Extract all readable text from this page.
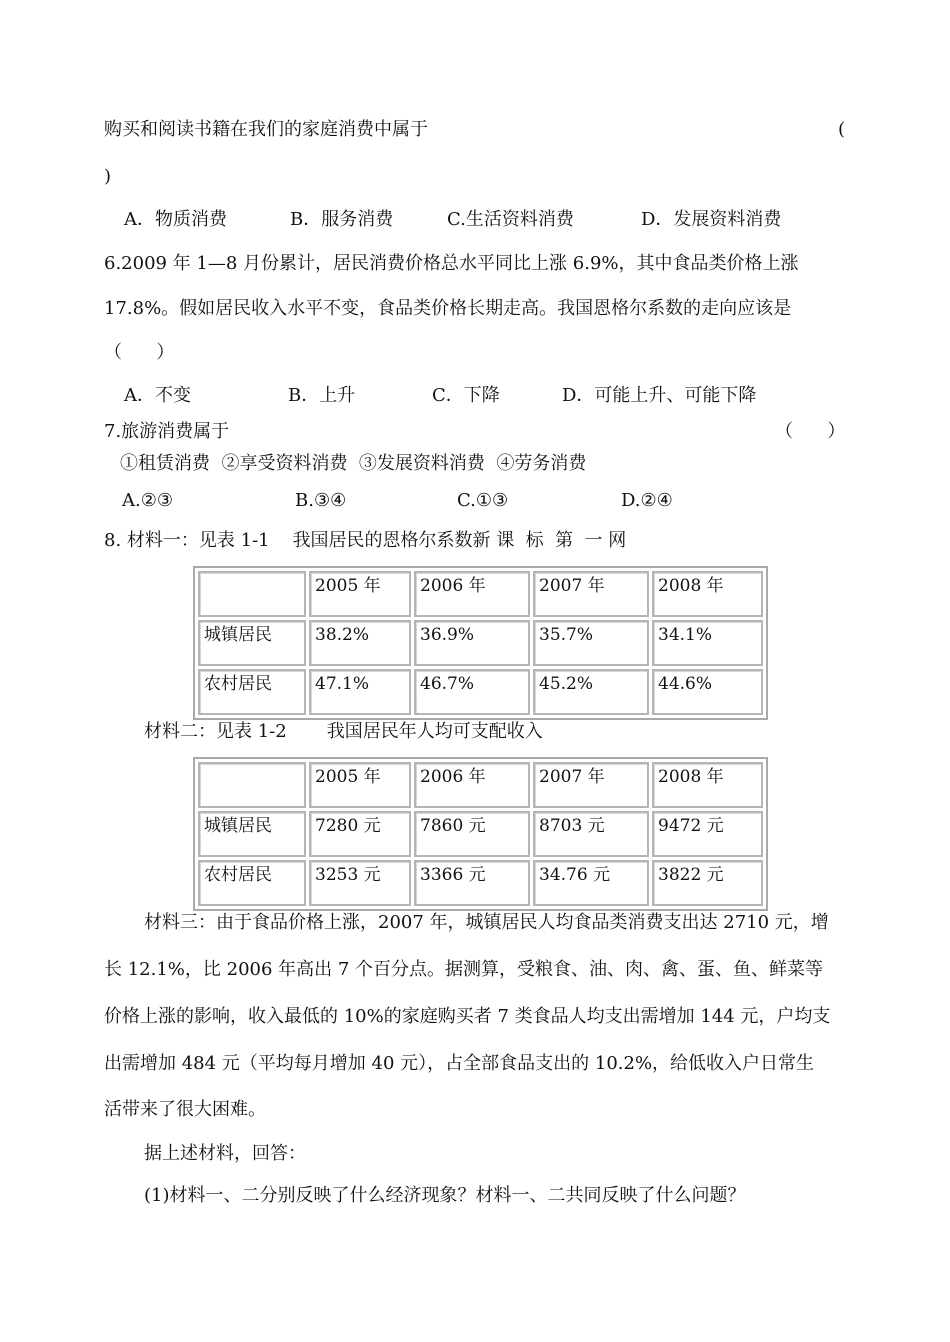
购买和阅读书籍在我们的家庭消费中属于	(
)
A．物质消费	B．服务消费	C.生活资料消费	D．发展资料消费
6.2009 年 1—8 月份累计，居民消费价格总水平同比上涨 6.9%，其中食品类价格上涨
17.8%。假如居民收入水平不变，食品类价格长期走高。我国恩格尔系数的走向应该是
（      ）
A．不变	B．上升	C．下降	D．可能上升、可能下降
7.旅游消费属于	（      ）
①租赁消费  ②享受资料消费  ③发展资料消费  ④劳务消费
A.②③	B.③④	C.①③	D.②④
8. 材料一：见表 1-1    我国居民的恩格尔系数新 课  标  第  一 网
	2005 年	2006 年	2007 年	2008 年
城镇居民	38.2%	36.9%	35.7%	34.1%
农村居民	47.1%	46.7%	45.2%	44.6%
材料二：见表 1-2       我国居民年人均可支配收入
	2005 年	2006 年	2007 年	2008 年
城镇居民	7280 元	7860 元	8703 元	9472 元
农村居民	3253 元	3366 元	34.76 元	3822 元
材料三：由于食品价格上涨，2007 年，城镇居民人均食品类消费支出达 2710 元，增
长 12.1%，比 2006 年高出 7 个百分点。据测算，受粮食、油、肉、禽、蛋、鱼、鲜菜等
价格上涨的影响，收入最低的 10%的家庭购买者 7 类食品人均支出需增加 144 元，户均支
出需增加 484 元（平均每月增加 40 元），占全部食品支出的 10.2%，给低收入户日常生
活带来了很大困难。
据上述材料，回答：
(1)材料一、二分别反映了什么经济现象？材料一、二共同反映了什么问题？
